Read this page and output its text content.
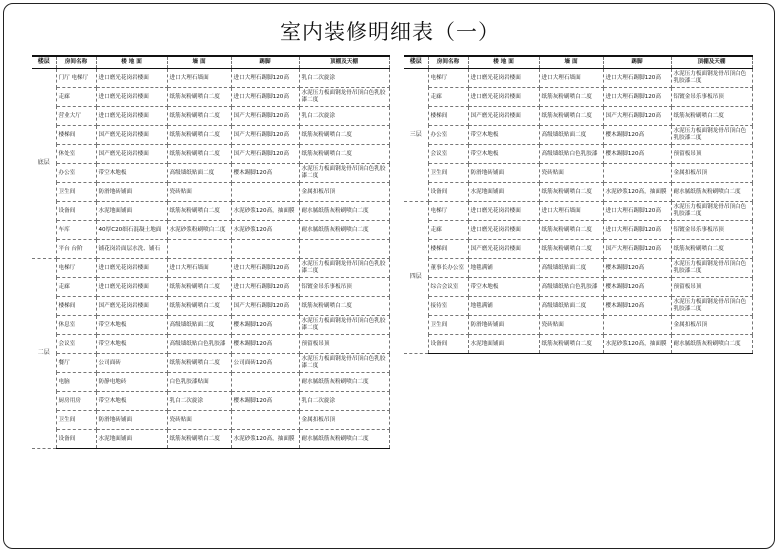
室内装修明细表（一）
楼层	房间名称	楼 地 面	墙 面	踢脚	顶棚及天棚
底层	门厅 电梯厅	进口磨光花岗岩楼面	进口大理石墙面	进口大理石踢脚120高	乳白二次旋涂
	走廊	进口磨光花岗岩楼面	纸筋灰粉刷喷白二度	进口大理石踢脚120高	水泥压力板面钢龙骨吊顶白色乳胶漆二度
	营业大厅	进口磨光花岗岩楼面	纸筋灰粉刷喷白二度	国产大理石踢脚120高	乳白二次旋涂
	楼梯间	国产磨光花岗岩楼面	纸筋灰粉刷喷白二度	国产大理石踢脚120高	纸筋灰粉刷喷白二度
	休处室	国产磨光花岗岩楼面	纸筋灰粉刷喷白二度	国产大理石踢脚120高	纸筋灰粉刷喷白二度
	办公室	带空木地板	高级墙纸贴面二度	樱木踢脚120高	水泥压力板面钢龙骨吊顶白色乳胶漆二度
	卫生间	防滑地砖铺面	瓷砖贴面		金属扣板吊顶
	设备间	水泥地面铺面	纸筋灰粉刷喷白二度	水泥砂浆120高，抽面膜	耐水腻纸筋灰粉刷喷白二度
	车库	40厚C20细石混凝土地面	水泥砂浆粉刷喷白二度	水泥砂浆120高	耐水腻纸筋灰粉刷喷白二度
	平台 台阶	铺花岗岩面层水洗、铺石			
二层	电梯厅	进口磨光花岗岩楼面	进口大理石墙面	进口大理石踢脚120高	水泥压力板面钢龙骨吊顶白色乳胶漆二度
	走廊	进口磨光花岗岩楼面	纸筋灰粉刷喷白二度	进口大理石踢脚120高	铝镀金吊乐事板吊顶
	楼梯间	国产磨光花岗岩楼面	纸筋灰粉刷喷白二度	国产大理石踢脚120高	纸筋灰粉刷喷白二度
	休息室	带空木地板	高级墙纸贴面二度	樱木踢脚120高	水泥压力板面钢龙骨吊顶白色乳胶漆二度
	会议室	带空木地板	高级墙纸贴白色乳胶漆	樱木踢脚120高	预留板吊顶
	餐厅	公司面砖	纸筋灰粉刷喷白二度	公司面砖120高	水泥压力板面钢龙骨吊顶白色乳胶漆二度
	电脑	防静电地砖	白色乳胶漆贴面		耐水腻纸筋灰粉刷喷白二度
	厨房用房	带空木地板	乳白二次旋涂	樱木踢脚120高	乳白二次旋涂
	卫生间	防滑地砖铺面	瓷砖贴面		金属扣板吊顶
	设备间	水泥地面铺面	纸筋灰粉刷喷白二度	水泥砂浆120高，抽面膜	耐水腻纸筋灰粉刷喷白二度
楼层	房间名称	楼 地 面	墙 面	踢脚	顶棚及天棚
三层	电梯厅	进口磨光花岗岩楼面	进口大理石墙面	进口大理石踢脚120高	水泥压力板面钢龙骨吊顶白色乳胶漆二度
	走廊	进口磨光花岗岩楼面	纸筋灰粉刷喷白二度	进口大理石踢脚120高	铝镀金吊乐事板吊顶
	楼梯间	国产磨光花岗岩楼面	纸筋灰粉刷喷白二度	国产大理石踢脚120高	纸筋灰粉刷喷白二度
	办公室	带空木地板	高级墙纸贴面二度	樱木踢脚120高	水泥压力板面钢龙骨吊顶白色乳胶漆二度
	会议室	带空木地板	高级墙纸贴白色乳胶漆	樱木踢脚120高	预留板吊顶
	卫生间	防滑地砖铺面	瓷砖贴面		金属扣板吊顶
	设备间	水泥地面铺面	纸筋灰粉刷喷白二度	水泥砂浆120高，抽面膜	耐水腻纸筋灰粉刷喷白二度
四层	电梯厅	进口磨光花岗岩楼面	进口大理石墙面	进口大理石踢脚120高	水泥压力板面钢龙骨吊顶白色乳胶漆二度
	走廊	进口磨光花岗岩楼面	纸筋灰粉刷喷白二度	进口大理石踢脚120高	铝镀金吊乐事板吊顶
	楼梯间	国产磨光花岗岩楼面	纸筋灰粉刷喷白二度	国产大理石踢脚120高	纸筋灰粉刷喷白二度
	董事长办公室	地毯满铺	高级墙纸贴面二度	樱木踢脚120高	水泥压力板面钢龙骨吊顶白色乳胶漆二度
	综合会议室	带空木地板	高级墙纸贴白色乳胶漆	樱木踢脚120高	预留板吊顶
	接待室	地毯满铺	高级墙纸贴面二度	樱木踢脚120高	水泥压力板面钢龙骨吊顶白色乳胶漆二度
	卫生间	防滑地砖铺面	瓷砖贴面		金属扣板吊顶
	设备间	水泥地面铺面	纸筋灰粉刷喷白二度	水泥砂浆120高，抽面膜	耐水腻纸筋灰粉刷喷白二度
